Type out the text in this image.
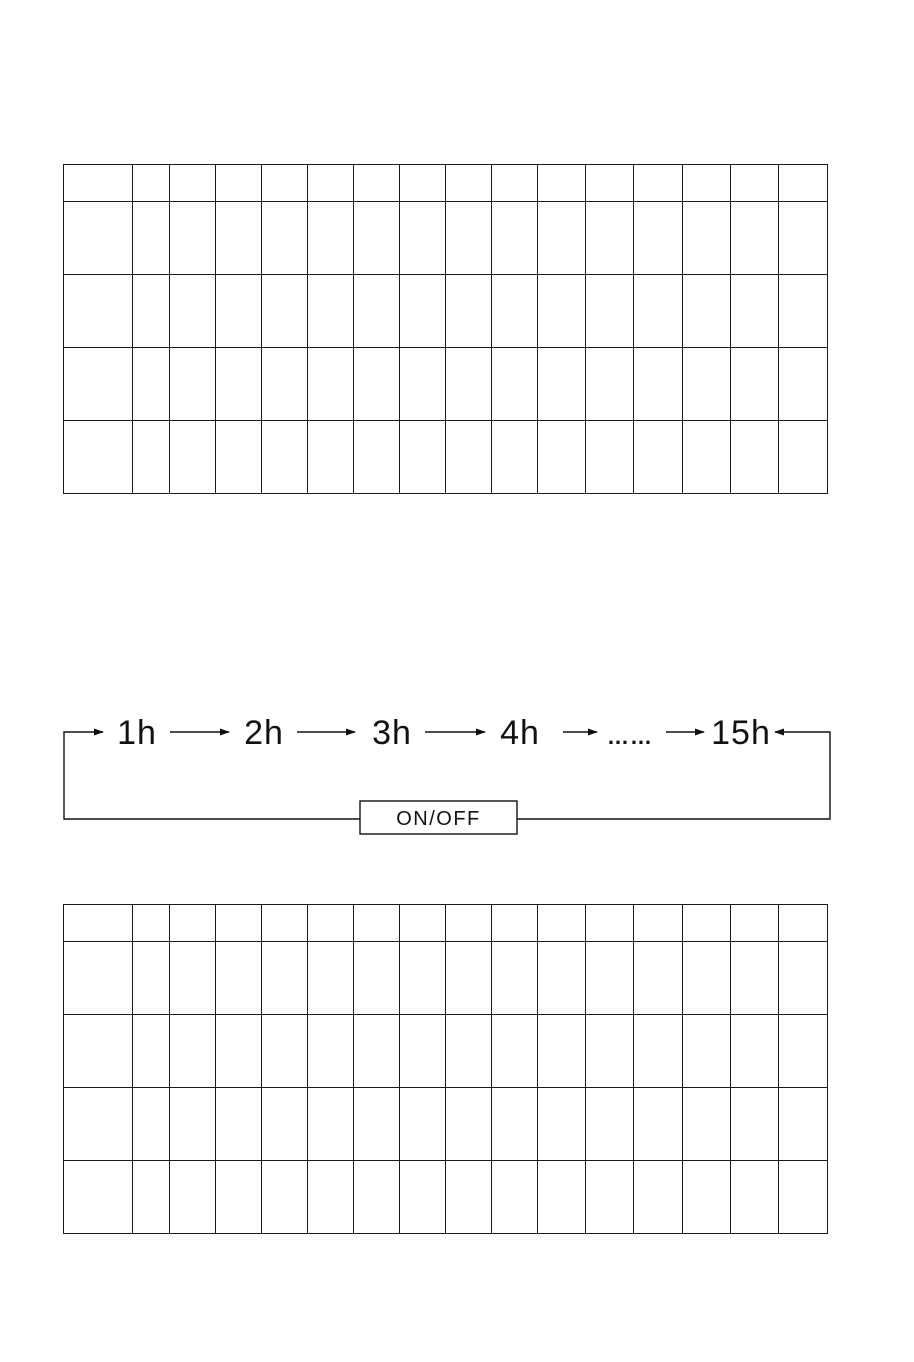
1h	2h	3h	4h	…… 15h
ON/OFF
